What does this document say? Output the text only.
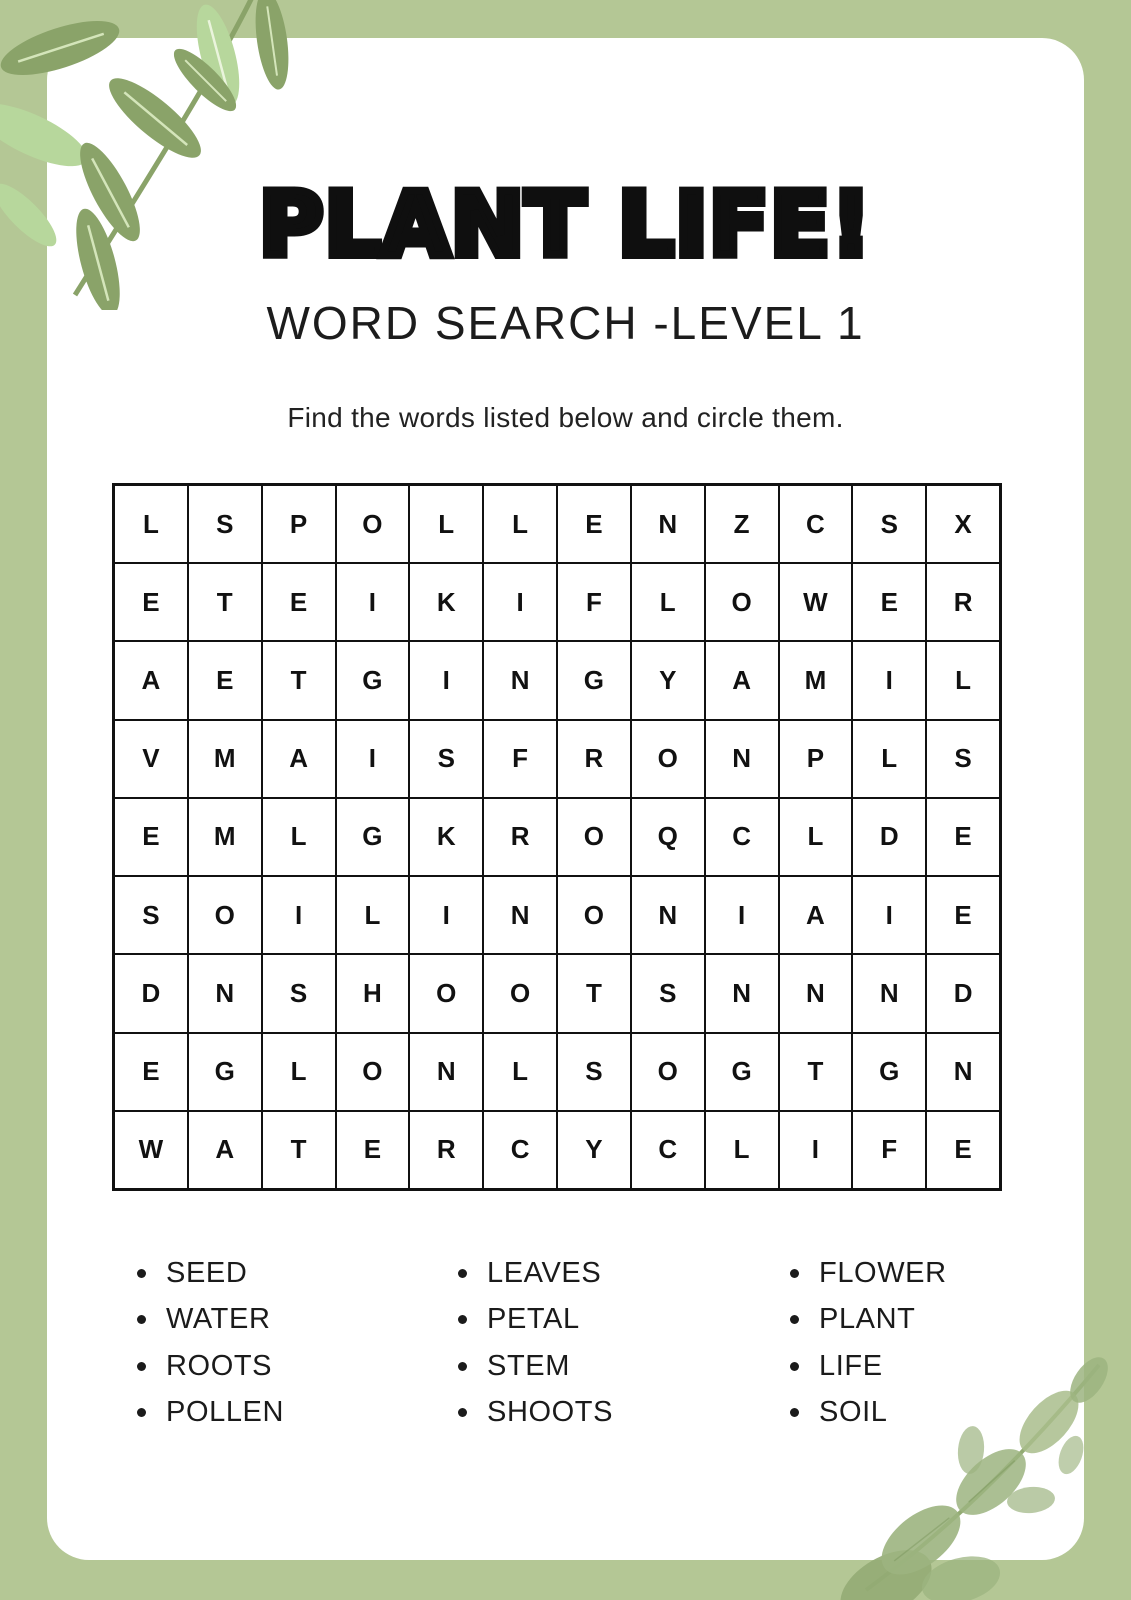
PLANT LIFE!
WORD SEARCH -LEVEL 1
Find the words listed below and circle them.
L	S	P	O	L	L	E	N	Z	C	S	X
E	T	E	I	K	I	F	L	O	W	E	R
A	E	T	G	I	N	G	Y	A	M	I	L
V	M	A	I	S	F	R	O	N	P	L	S
E	M	L	G	K	R	O	Q	C	L	D	E
S	O	I	L	I	N	O	N	I	A	I	E
D	N	S	H	O	O	T	S	N	N	N	D
E	G	L	O	N	L	S	O	G	T	G	N
W	A	T	E	R	C	Y	C	L	I	F	E
SEED
WATER
ROOTS
POLLEN
LEAVES
PETAL
STEM
SHOOTS
FLOWER
PLANT
LIFE
SOIL
